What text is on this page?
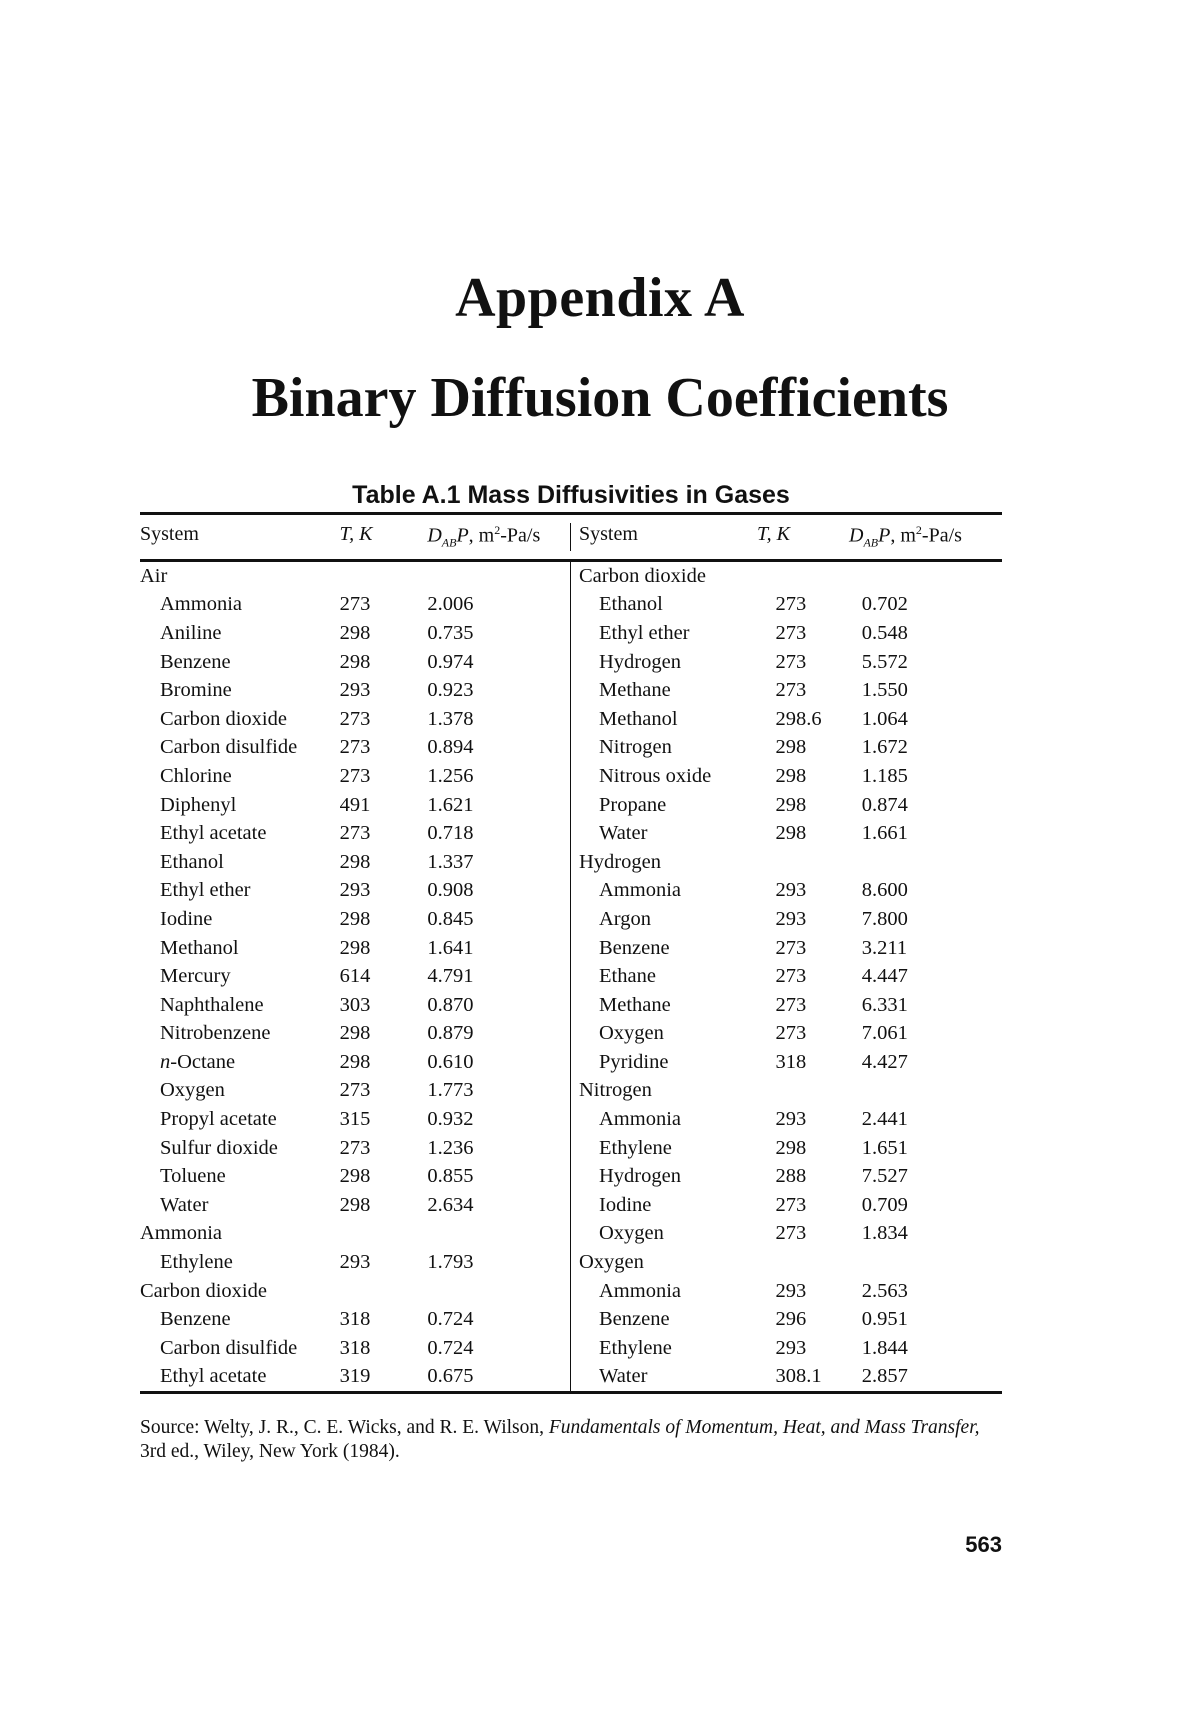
Appendix A
Binary Diffusion Coefficients
Table A.1 Mass Diffusivities in Gases
System	T, K	$D_{AB}P$, $m^2-Pa/s$	System	T, K	$D_{AB}P$, $m^2-Pa/s$
Air
Ammonia	273	2.006
Aniline	298	0.735
Benzene	298	0.974
Bromine	293	0.923
Carbon dioxide	273	1.378
Carbon disulfide	273	0.894
Chlorine	273	1.256
Diphenyl	491	1.621
Ethyl acetate	273	0.718
Ethanol	298	1.337
Ethyl ether	293	0.908
Iodine	298	0.845
Methanol	298	1.641
Mercury	614	4.791
Naphthalene	303	0.870
Nitrobenzene	298	0.879
n-Octane	298	0.610
Oxygen	273	1.773
Propyl acetate	315	0.932
Sulfur dioxide	273	1.236
Toluene	298	0.855
Water	298	2.634
Ammonia
Ethylene	293	1.793
Carbon dioxide
Benzene	318	0.724
Carbon disulfide	318	0.724
Ethyl acetate	319	0.675
Carbon dioxide
Ethanol	273	0.702
Ethyl ether	273	0.548
Hydrogen	273	5.572
Methane	273	1.550
Methanol	298.6	1.064
Nitrogen	298	1.672
Nitrous oxide	298	1.185
Propane	298	0.874
Water	298	1.661
Hydrogen
Ammonia	293	8.600
Argon	293	7.800
Benzene	273	3.211
Ethane	273	4.447
Methane	273	6.331
Oxygen	273	7.061
Pyridine	318	4.427
Nitrogen
Ammonia	293	2.441
Ethylene	298	1.651
Hydrogen	288	7.527
Iodine	273	0.709
Oxygen	273	1.834
Oxygen
Ammonia	293	2.563
Benzene	296	0.951
Ethylene	293	1.844
Water	308.1	2.857
Source: Welty, J. R., C. E. Wicks, and R. E. Wilson, Fundamentals of Momentum, Heat, and Mass Transfer, 3rd ed., Wiley, New York (1984).
563
